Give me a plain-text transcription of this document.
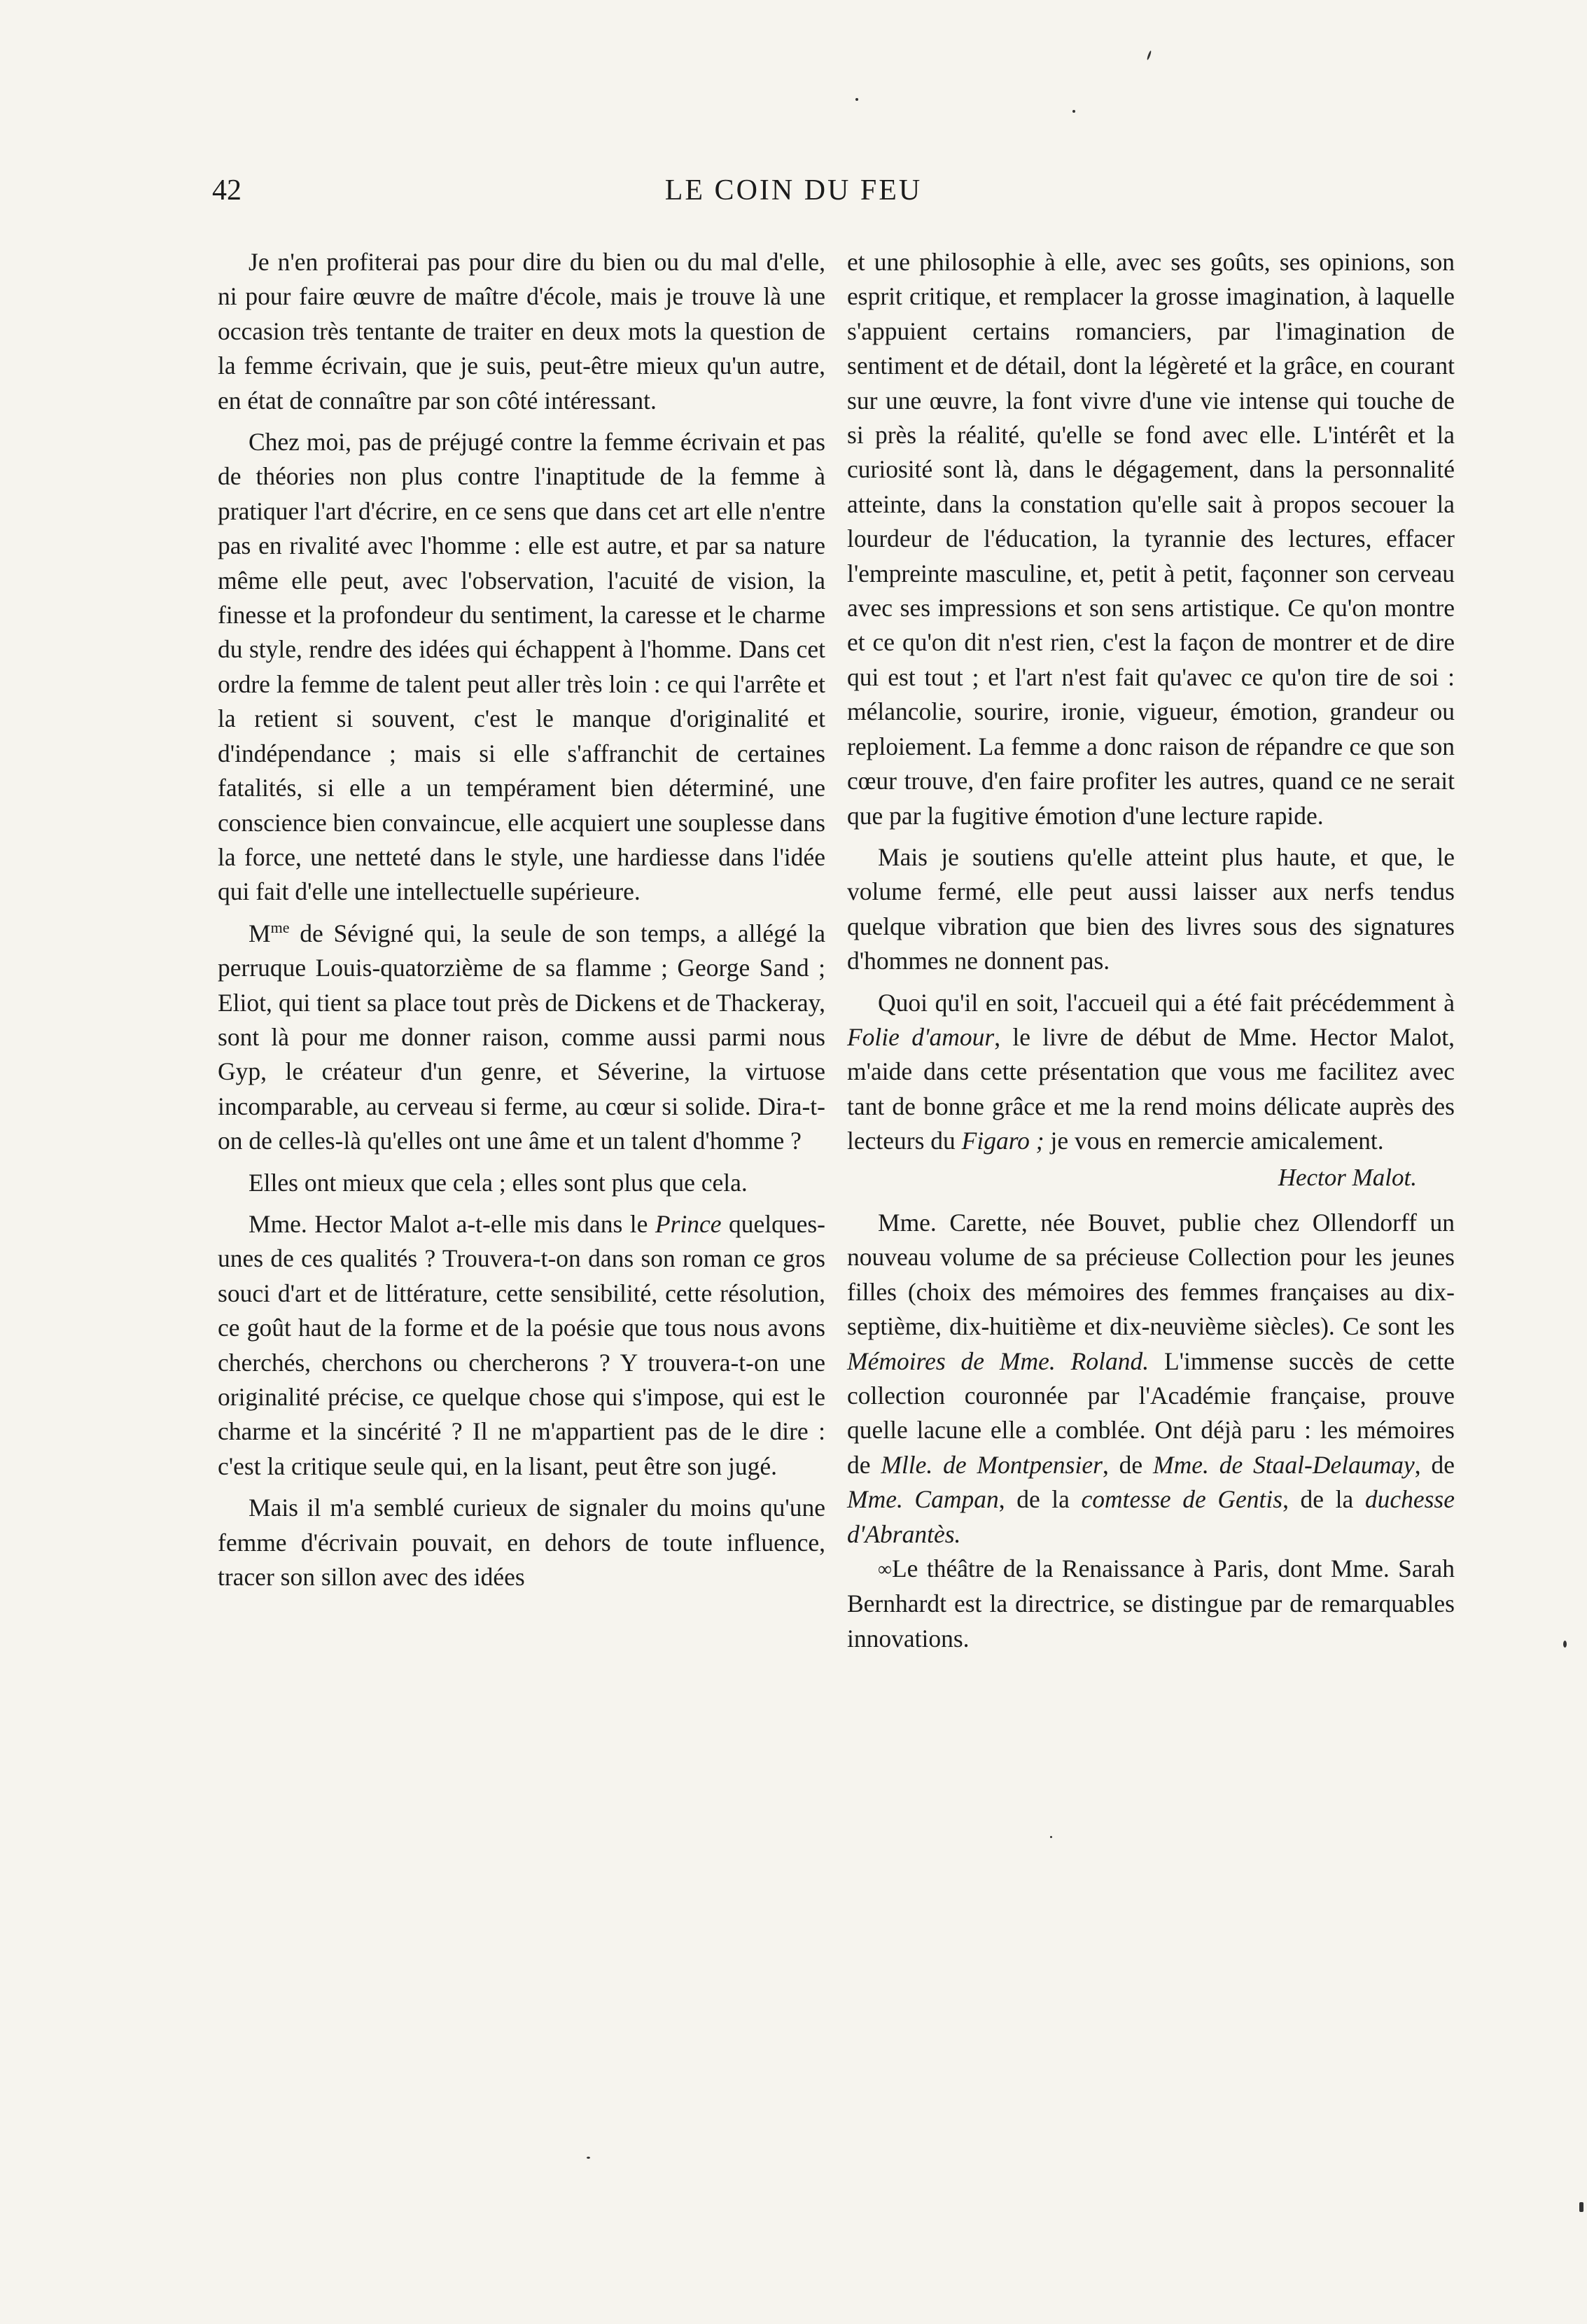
42	LE COIN DU FEU

Je n'en profiterai pas pour dire du bien ou du mal d'elle, ni pour faire œuvre de maître d'école, mais je trouve là une occasion très tentante de traiter en deux mots la question de la femme écrivain, que je suis, peut-être mieux qu'un autre, en état de connaître par son côté intéressant.

Chez moi, pas de préjugé contre la femme écrivain et pas de théories non plus contre l'inaptitude de la femme à pratiquer l'art d'écrire, en ce sens que dans cet art elle n'entre pas en rivalité avec l'homme : elle est autre, et par sa nature même elle peut, avec l'observation, l'acuité de vision, la finesse et la profondeur du sentiment, la caresse et le charme du style, rendre des idées qui échappent à l'homme. Dans cet ordre la femme de talent peut aller très loin : ce qui l'arrête et la retient si souvent, c'est le manque d'originalité et d'indépendance ; mais si elle s'affranchit de certaines fatalités, si elle a un tempérament bien déterminé, une conscience bien convaincue, elle acquiert une souplesse dans la force, une netteté dans le style, une hardiesse dans l'idée qui fait d'elle une intellectuelle supérieure.

$M^{me}$ de Sévigné qui, la seule de son temps, a allégé la perruque Louis-quatorzième de sa flamme ; George Sand ; Eliot, qui tient sa place tout près de Dickens et de Thackeray, sont là pour me donner raison, comme aussi parmi nous Gyp, le créateur d'un genre, et Séverine, la virtuose incomparable, au cerveau si ferme, au cœur si solide. Dira-t-on de celles-là qu'elles ont une âme et un talent d'homme ?

Elles ont mieux que cela ; elles sont plus que cela.

Mme. Hector Malot a-t-elle mis dans le Prince quelques-unes de ces qualités ? Trouvera-t-on dans son roman ce gros souci d'art et de littérature, cette sensibilité, cette résolution, ce goût haut de la forme et de la poésie que tous nous avons cherchés, cherchons ou chercherons ? Y trouvera-t-on une originalité précise, ce quelque chose qui s'impose, qui est le charme et la sincérité ? Il ne m'appartient pas de le dire : c'est la critique seule qui, en la lisant, peut être son jugé.

Mais il m'a semblé curieux de signaler du moins qu'une femme d'écrivain pouvait, en dehors de toute influence, tracer son sillon avec des idées

et une philosophie à elle, avec ses goûts, ses opinions, son esprit critique, et remplacer la grosse imagination, à laquelle s'appuient certains romanciers, par l'imagination de sentiment et de détail, dont la légèreté et la grâce, en courant sur une œuvre, la font vivre d'une vie intense qui touche de si près la réalité, qu'elle se fond avec elle. L'intérêt et la curiosité sont là, dans le dégagement, dans la personnalité atteinte, dans la constation qu'elle sait à propos secouer la lourdeur de l'éducation, la tyrannie des lectures, effacer l'empreinte masculine, et, petit à petit, façonner son cerveau avec ses impressions et son sens artistique. Ce qu'on montre et ce qu'on dit n'est rien, c'est la façon de montrer et de dire qui est tout ; et l'art n'est fait qu'avec ce qu'on tire de soi : mélancolie, sourire, ironie, vigueur, émotion, grandeur ou reploiement. La femme a donc raison de répandre ce que son cœur trouve, d'en faire profiter les autres, quand ce ne serait que par la fugitive émotion d'une lecture rapide.

Mais je soutiens qu'elle atteint plus haute, et que, le volume fermé, elle peut aussi laisser aux nerfs tendus quelque vibration que bien des livres sous des signatures d'hommes ne donnent pas.

Quoi qu'il en soit, l'accueil qui a été fait précédemment à Folie d'amour, le livre de début de Mme. Hector Malot, m'aide dans cette présentation que vous me facilitez avec tant de bonne grâce et me la rend moins délicate auprès des lecteurs du Figaro ; je vous en remercie amicalement.

Hector Malot.

Mme. Carette, née Bouvet, publie chez Ollendorff un nouveau volume de sa précieuse Collection pour les jeunes filles (choix des mémoires des femmes françaises au dix-septième, dix-huitième et dix-neuvième siècles). Ce sont les Mémoires de Mme. Roland. L'immense succès de cette collection couronnée par l'Académie française, prouve quelle lacune elle a comblée. Ont déjà paru : les mémoires de Mlle. de Montpensier, de Mme. de Staal-Delaumay, de Mme. Campan, de la comtesse de Gentis, de la duchesse d'Abrantès.

∞Le théâtre de la Renaissance à Paris, dont Mme. Sarah Bernhardt est la directrice, se distingue par de remarquables innovations.
